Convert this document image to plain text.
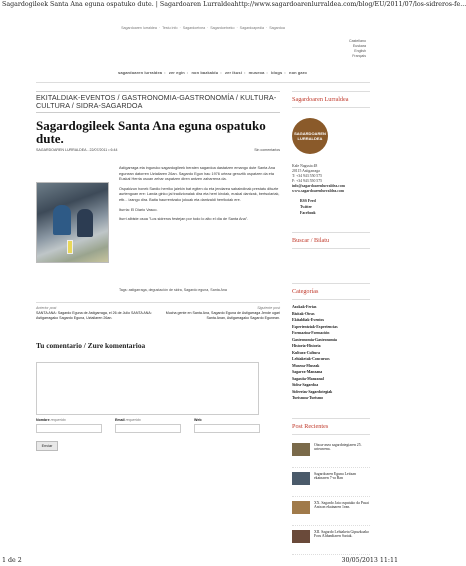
Sagardogileek Santa Ana eguna ospatuko dute. | Sagardoaren Lurraldea http://www.sagardoarenlurraldea.com/blog/EU/2011/07/los-sidreros-fe...
Sagardoaren lurraldea · Testu info · Sagardoetxea · Sagardoetxeko · Sagardoapedia · Sagardoa
Castellano
Euskara
English
Français
sagardoaren lurraldea • zer egin • non bazkaldu • zer ikusi • museoa • blogs • non garo
EKITALDIAK-EVENTOS / GASTRONOMIA-GASTRONOMÍA / KULTURA-CULTURA / SIDRA-SAGARDOA
Sagardogileek Santa Ana eguna ospatuko dute.
SAGARDOAREN LURRALDEA - 22/07/2011 • 6:44	Sin comentarios

Astigarraga eta inguruko sagardogileek beraien sagardoa dastatzen emango dute Santa Ana egunean datorren Uztailaren 26an. Sagardo Egun hau 1976 urteaz geroztik ospatzen da eta Euskal Herria osoan zehar ospatzen diren antzen zaharrena da.

Ospakizun honek Sardio herriko jaiekin bat egiten du eta jendarea sabaindinak prestatu dituzte aurtengoan ere: Landa ginko jai tradizionalak dira eta herri kirolak, euskal dantzak, bertsolariak, etb... izango dira. Baita haurrentzako jokuak eta dantzaldi herrikoiak ere.

Iturria: El Diario Vasco.

Iturri albiste osoa "Los sidreros festejan por todo lo alto el día de Santa Ana".

Tags: astigarraga, degustación de sidra, Sagardo eguna, Santa Ana
Anterior post
SANTA ANA: Sagardo Eguna de Astigarraga, el 26 de Julio SANTA ANA: Astigarragako Sagardo Eguna, Uztailaren 26an.
Siguiente post
Mucha gente en Santa Ana, Sagardo Eguna de Astigarraga Jende ugari Santa Anan, Astigarragako Sagardo Egunean.
Tu comentario / Zure komentarioa
Nombre requerido	Email requerido	Web
Enviar
Sagardoaren Lurraldea
SAGARDOAREN LURRALDEA
Kale Nagusia 48
20115 Astigarraga
T: +34 943 550 575
F: +34 943 550 575
info@sagardoarenlurraldea.com
www.sagardoarenlurraldea.com
RSS Feed
Twitter
Facebook
Buscar / Bilatu
Categorías
Azokak-Ferias
Bisitak-Otras
Ekitaldiak-Eventos
Esperientziak-Experiencias
Formazioa-Formación
Gastronomia-Gastronomía
Historia-Historia
Kultura-Cultura
Lehiaketak-Concursos
Museoa-Museak
Sagarra-Manzana
Sagastia-Manzanal
Sidra-Sagardoa
Sidrerías-Sagardotegiak
Turismoa-Turismo
Post Recientes
Otzoa-asea sagardotegiaren 25. urteurrena.
Sagardoaren Eguna Leitzan ekainaren 7-ra Ban
XX. Sagardo Jaia ospatuko da Pasai Antxon ekainaren 1ean.
XII. Sagardo Lehiaketa Gipuzkoako Foru Aldundiaren Sariak.
1 de 2	30/05/2013 11:11
